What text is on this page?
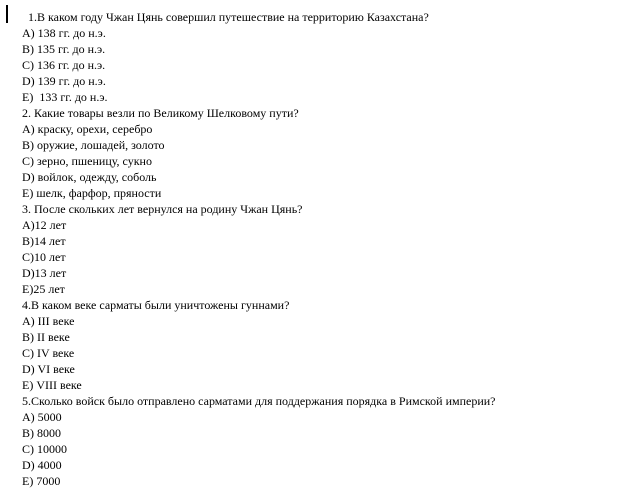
1.В каком году Чжан Цянь совершил путешествие на территорию Казахстана?
А) 138 гг. до н.э.
В) 135 гг. до н.э.
С) 136 гг. до н.э.
D) 139 гг. до н.э.
Е)  133 гг. до н.э.
2. Какие товары везли по Великому Шелковому пути?
А) краску, орехи, серебро
В) оружие, лошадей, золото
С) зерно, пшеницу, сукно
D) войлок, одежду, соболь
Е) шелк, фарфор, пряности
3. После скольких лет вернулся на родину Чжан Цянь?
А)12 лет
В)14 лет
С)10 лет
D)13 лет
Е)25 лет
4.В каком веке сарматы были уничтожены гуннами?
А) III веке
В) II веке
С) IV веке
D) VI веке
Е) VIII веке
5.Сколько войск было отправлено сарматами для поддержания порядка в Римской империи?
А) 5000
В) 8000
С) 10000
D) 4000
Е) 7000
